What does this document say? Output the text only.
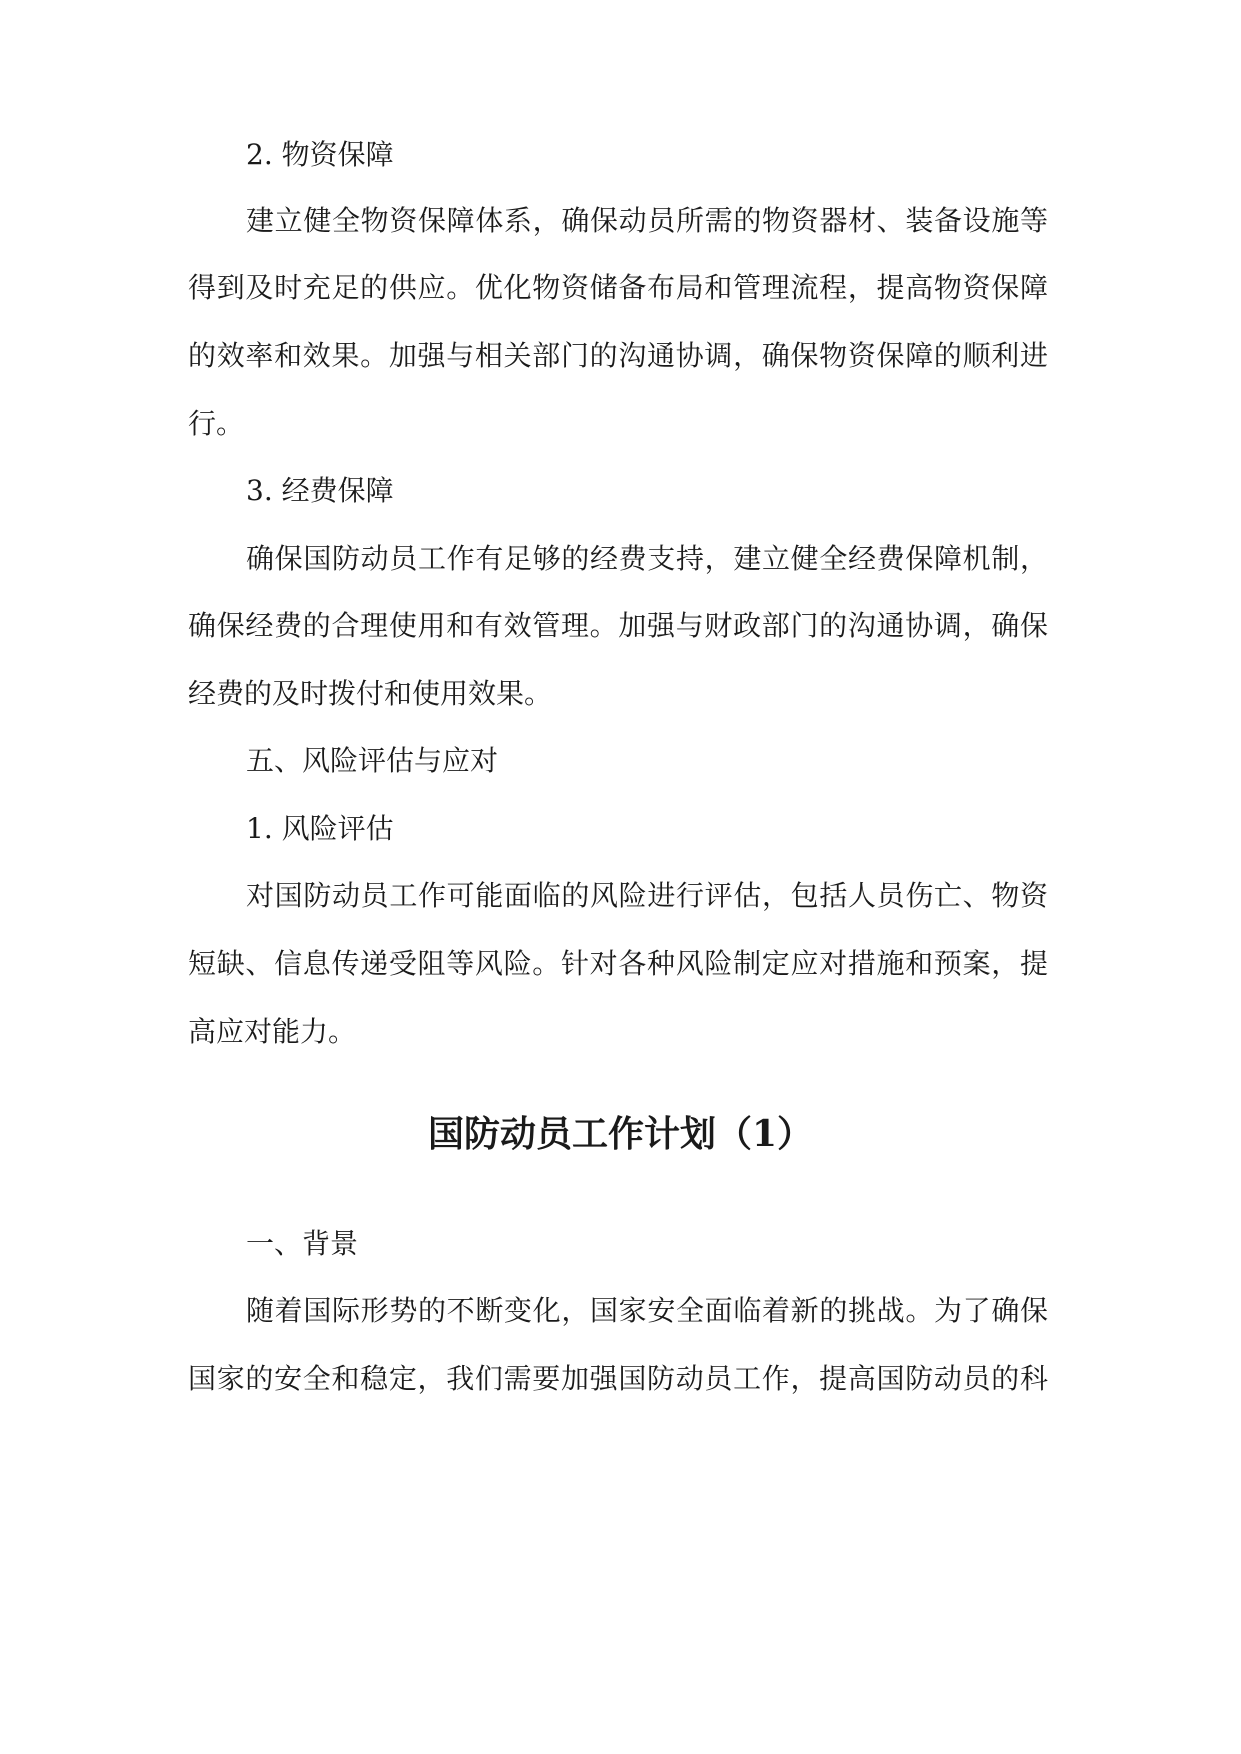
2. 物资保障

建立健全物资保障体系，确保动员所需的物资器材、装备设施等

得到及时充足的供应。优化物资储备布局和管理流程，提高物资保障

的效率和效果。加强与相关部门的沟通协调，确保物资保障的顺利进

行。

3. 经费保障

确保国防动员工作有足够的经费支持，建立健全经费保障机制，

确保经费的合理使用和有效管理。加强与财政部门的沟通协调，确保

经费的及时拨付和使用效果。

五、风险评估与应对

1. 风险评估

对国防动员工作可能面临的风险进行评估，包括人员伤亡、物资

短缺、信息传递受阻等风险。针对各种风险制定应对措施和预案，提

高应对能力。

国防动员工作计划（1）

一、背景

随着国际形势的不断变化，国家安全面临着新的挑战。为了确保

国家的安全和稳定，我们需要加强国防动员工作，提高国防动员的科
